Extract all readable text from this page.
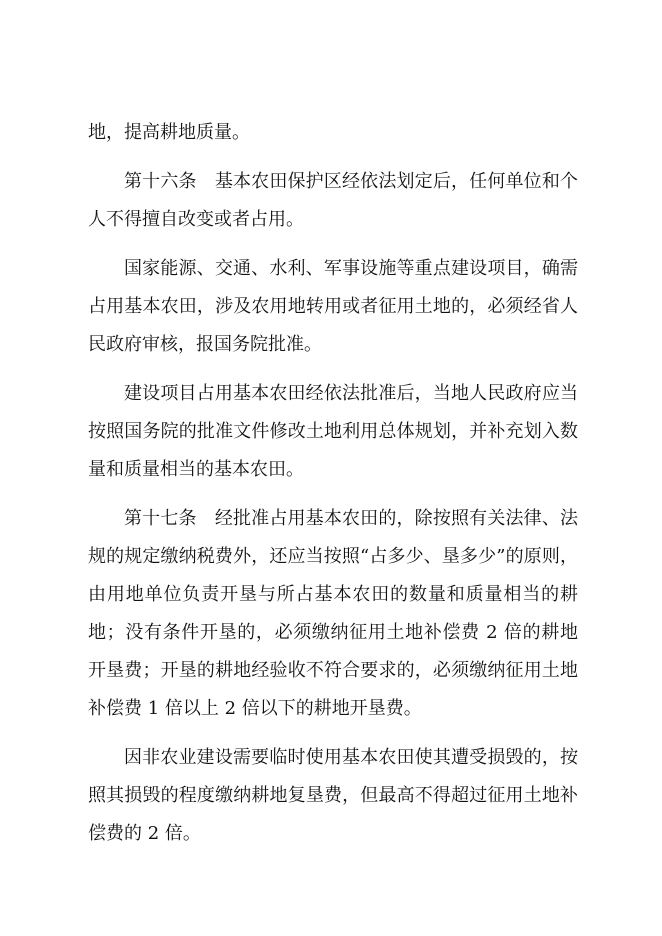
地，提高耕地质量。

第十六条 基本农田保护区经依法划定后，任何单位和个人不得擅自改变或者占用。

国家能源、交通、水利、军事设施等重点建设项目，确需占用基本农田，涉及农用地转用或者征用土地的，必须经省人民政府审核，报国务院批准。

建设项目占用基本农田经依法批准后，当地人民政府应当按照国务院的批准文件修改土地利用总体规划，并补充划入数量和质量相当的基本农田。

第十七条 经批准占用基本农田的，除按照有关法律、法规的规定缴纳税费外，还应当按照“占多少、垦多少”的原则，由用地单位负责开垦与所占基本农田的数量和质量相当的耕地；没有条件开垦的，必须缴纳征用土地补偿费 2 倍的耕地开垦费；开垦的耕地经验收不符合要求的，必须缴纳征用土地补偿费 1 倍以上 2 倍以下的耕地开垦费。

因非农业建设需要临时使用基本农田使其遭受损毁的，按照其损毁的程度缴纳耕地复垦费，但最高不得超过征用土地补偿费的 2 倍。
